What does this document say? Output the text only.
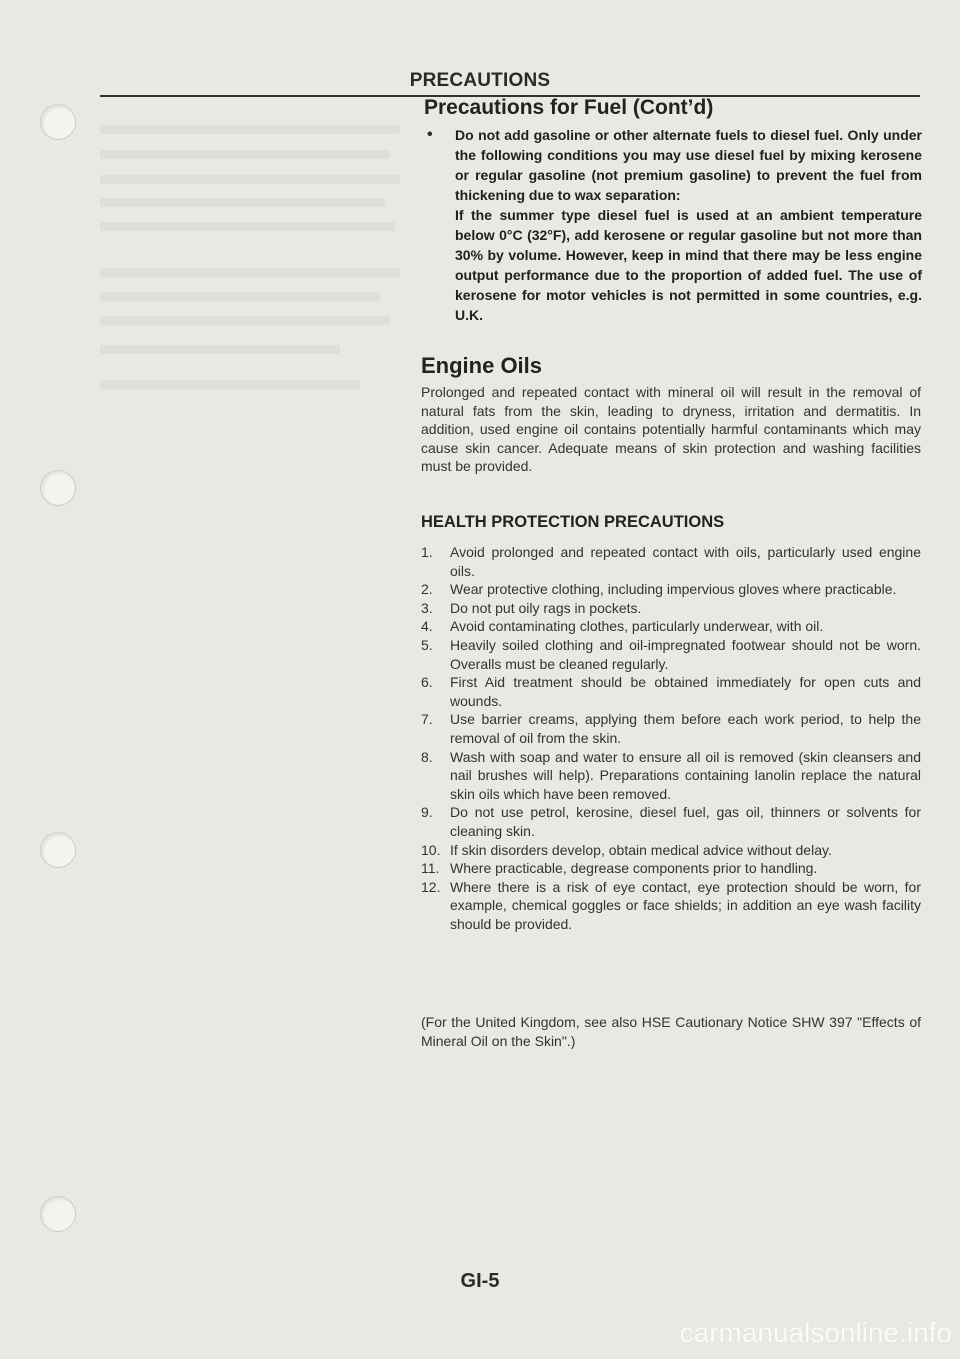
PRECAUTIONS
Precautions for Fuel (Cont’d)
•	Do not add gasoline or other alternate fuels to diesel fuel. Only under the following conditions you may use diesel fuel by mixing kerosene or regular gasoline (not premium gasoline) to prevent the fuel from thickening due to wax separation:

If the summer type diesel fuel is used at an ambient temperature below 0°C (32°F), add kerosene or regular gasoline but not more than 30% by volume. However, keep in mind that there may be less engine output performance due to the proportion of added fuel. The use of kerosene for motor vehicles is not permitted in some countries, e.g. U.K.

Engine Oils

Prolonged and repeated contact with mineral oil will result in the removal of natural fats from the skin, leading to dryness, irritation and dermatitis. In addition, used engine oil contains potentially harmful contaminants which may cause skin cancer. Adequate means of skin protection and washing facilities must be provided.

HEALTH PROTECTION PRECAUTIONS
1.	Avoid prolonged and repeated contact with oils, particularly used engine oils.
2.	Wear protective clothing, including impervious gloves where practicable.
3.	Do not put oily rags in pockets.
4.	Avoid contaminating clothes, particularly underwear, with oil.
5.	Heavily soiled clothing and oil-impregnated footwear should not be worn. Overalls must be cleaned regularly.
6.	First Aid treatment should be obtained immediately for open cuts and wounds.
7.	Use barrier creams, applying them before each work period, to help the removal of oil from the skin.
8.	Wash with soap and water to ensure all oil is removed (skin cleansers and nail brushes will help). Preparations containing lanolin replace the natural skin oils which have been removed.
9.	Do not use petrol, kerosine, diesel fuel, gas oil, thinners or solvents for cleaning skin.
10. If skin disorders develop, obtain medical advice without delay.
11. Where practicable, degrease components prior to handling.
12. Where there is a risk of eye contact, eye protection should be worn, for example, chemical goggles or face shields; in addition an eye wash facility should be provided.

(For the United Kingdom, see also HSE Cautionary Notice SHW 397 "Effects of Mineral Oil on the Skin".)

GI-5
carmanualsonline.info
